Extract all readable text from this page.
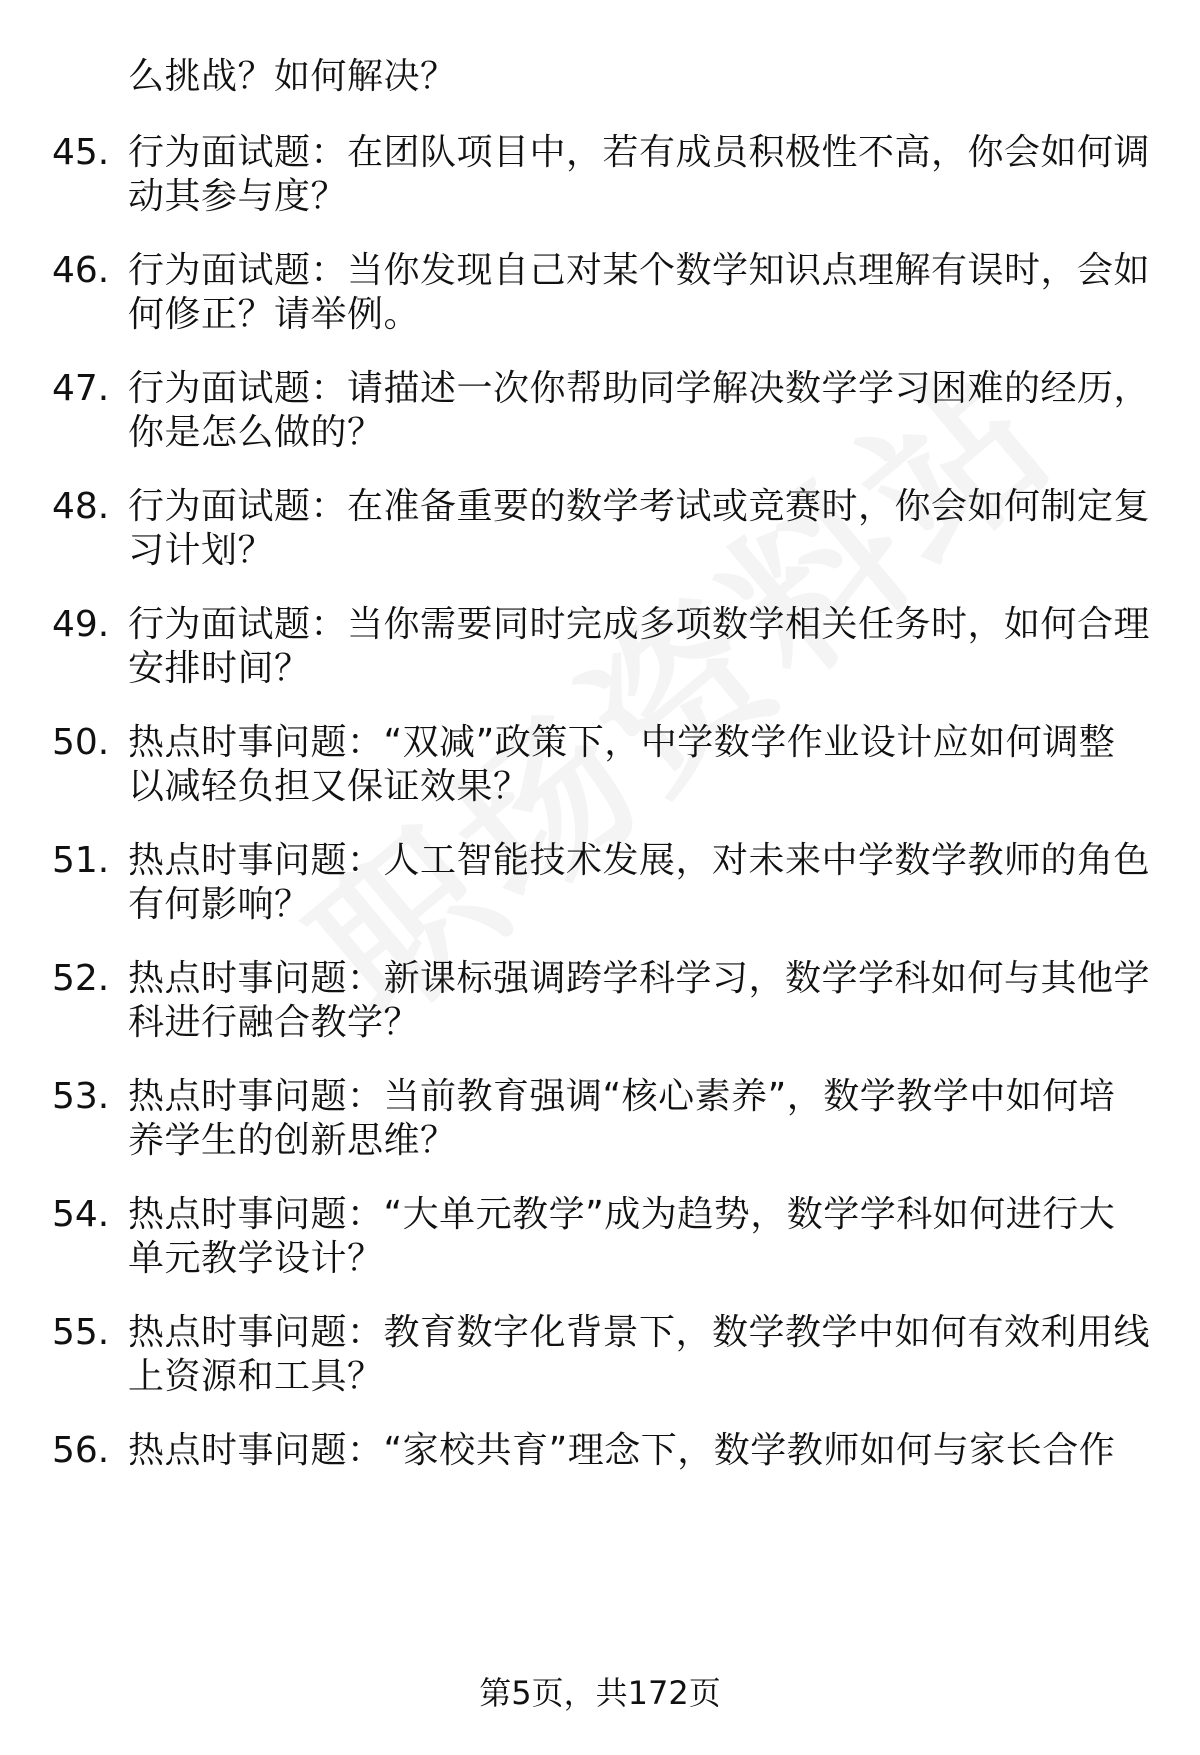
么挑战？如何解决？
45. 行为面试题：在团队项目中，若有成员积极性不高，你会如何调
动其参与度？
46. 行为面试题：当你发现自己对某个数学知识点理解有误时，会如
何修正？请举例。
47. 行为面试题：请描述一次你帮助同学解决数学学习困难的经历，
你是怎么做的？
48. 行为面试题：在准备重要的数学考试或竞赛时，你会如何制定复
习计划？
49. 行为面试题：当你需要同时完成多项数学相关任务时，如何合理
安排时间？
50. 热点时事问题：“双减”政策下，中学数学作业设计应如何调整
以减轻负担又保证效果？
51. 热点时事问题：人工智能技术发展，对未来中学数学教师的角色
有何影响？
52. 热点时事问题：新课标强调跨学科学习，数学学科如何与其他学
科进行融合教学？
53. 热点时事问题：当前教育强调“核心素养”，数学教学中如何培
养学生的创新思维？
54. 热点时事问题：“大单元教学”成为趋势，数学学科如何进行大
单元教学设计？
55. 热点时事问题：教育数字化背景下，数学教学中如何有效利用线
上资源和工具？
56. 热点时事问题：“家校共育”理念下，数学教师如何与家长合作
第5页，共172页
